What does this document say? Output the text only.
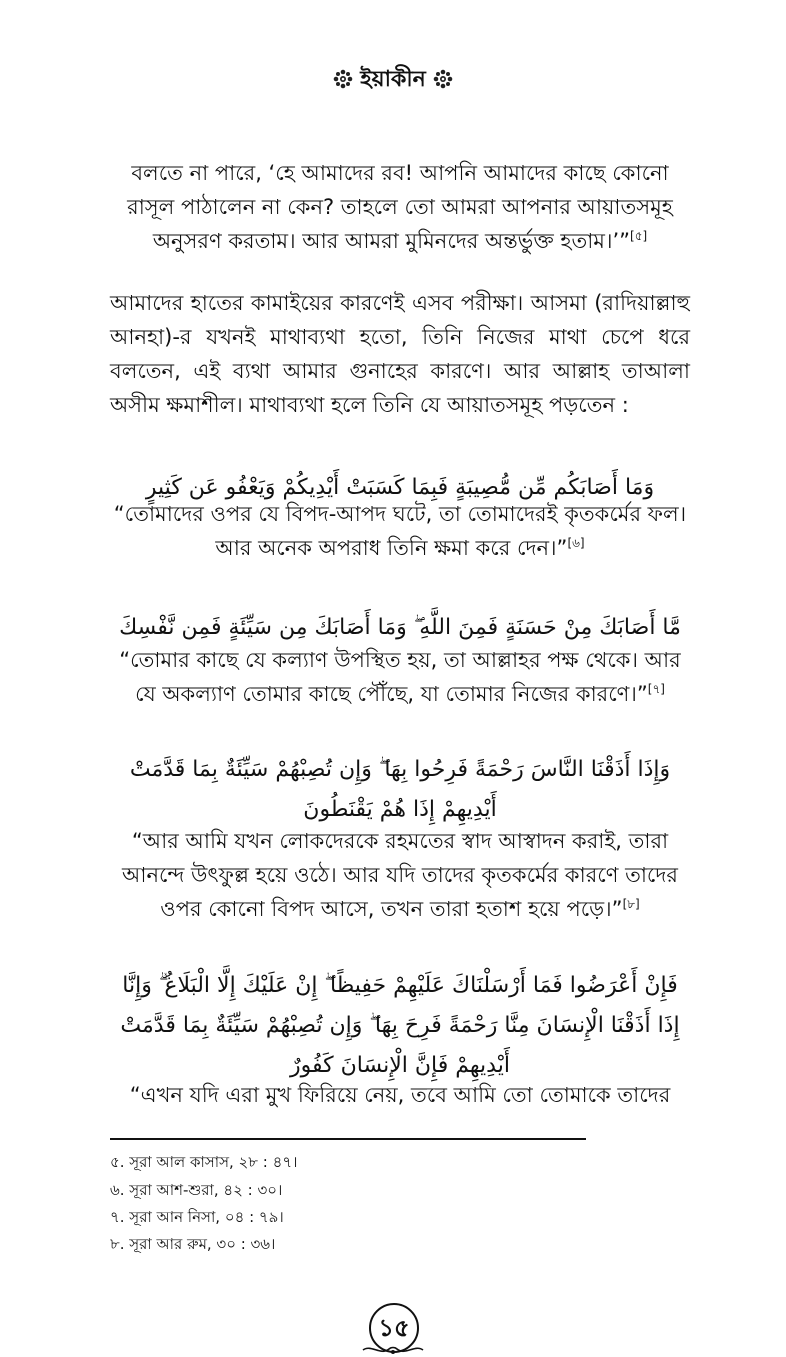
ইয়াকীন

বলতে না পারে, ‘হে আমাদের রব! আপনি আমাদের কাছে কোনো রাসূল পাঠালেন না কেন? তাহলে তো আমরা আপনার আয়াতসমূহ অনুসরণ করতাম। আর আমরা মুমিনদের অন্তর্ভুক্ত হতাম।’”[৫]

আমাদের হাতের কামাইয়ের কারণেই এসব পরীক্ষা। আসমা (রাদিয়াল্লাহু আনহা)-র যখনই মাথাব্যথা হতো, তিনি নিজের মাথা চেপে ধরে বলতেন, এই ব্যথা আমার গুনাহের কারণে। আর আল্লাহ তাআলা অসীম ক্ষমাশীল। মাথাব্যথা হলে তিনি যে আয়াতসমূহ পড়তেন :

وَمَا أَصَابَكُم مِّن مُّصِيبَةٍ فَبِمَا كَسَبَتْ أَيْدِيكُمْ وَيَعْفُو عَن كَثِيرٍ

“তোমাদের ওপর যে বিপদ-আপদ ঘটে, তা তোমাদেরই কৃতকর্মের ফল। আর অনেক অপরাধ তিনি ক্ষমা করে দেন।”[৬]

مَّا أَصَابَكَ مِنْ حَسَنَةٍ فَمِنَ اللَّهِ ۖ وَمَا أَصَابَكَ مِن سَيِّئَةٍ فَمِن نَّفْسِكَ

“তোমার কাছে যে কল্যাণ উপস্থিত হয়, তা আল্লাহর পক্ষ থেকে। আর যে অকল্যাণ তোমার কাছে পৌঁছে, যা তোমার নিজের কারণে।”[৭]

وَإِذَا أَذَقْنَا النَّاسَ رَحْمَةً فَرِحُوا بِهَا ۖ وَإِن تُصِبْهُمْ سَيِّئَةٌ بِمَا قَدَّمَتْ أَيْدِيهِمْ إِذَا هُمْ يَقْنَطُونَ

“আর আমি যখন লোকদেরকে রহমতের স্বাদ আস্বাদন করাই, তারা আনন্দে উৎফুল্ল হয়ে ওঠে। আর যদি তাদের কৃতকর্মের কারণে তাদের ওপর কোনো বিপদ আসে, তখন তারা হতাশ হয়ে পড়ে।”[৮]

فَإِنْ أَعْرَضُوا فَمَا أَرْسَلْنَاكَ عَلَيْهِمْ حَفِيظًا ۖ إِنْ عَلَيْكَ إِلَّا الْبَلَاغُ ۗ وَإِنَّا إِذَا أَذَقْنَا الْإِنسَانَ مِنَّا رَحْمَةً فَرِحَ بِهَا ۖ وَإِن تُصِبْهُمْ سَيِّئَةٌ بِمَا قَدَّمَتْ أَيْدِيهِمْ فَإِنَّ الْإِنسَانَ كَفُورٌ

“এখন যদি এরা মুখ ফিরিয়ে নেয়, তবে আমি তো তোমাকে তাদের

৫. সূরা আল কাসাস, ২৮ : ৪৭।
৬. সূরা আশ-শুরা, ৪২ : ৩০।
৭. সূরা আন নিসা, ০৪ : ৭৯।
৮. সূরা আর রুম, ৩০ : ৩৬।
১৫
